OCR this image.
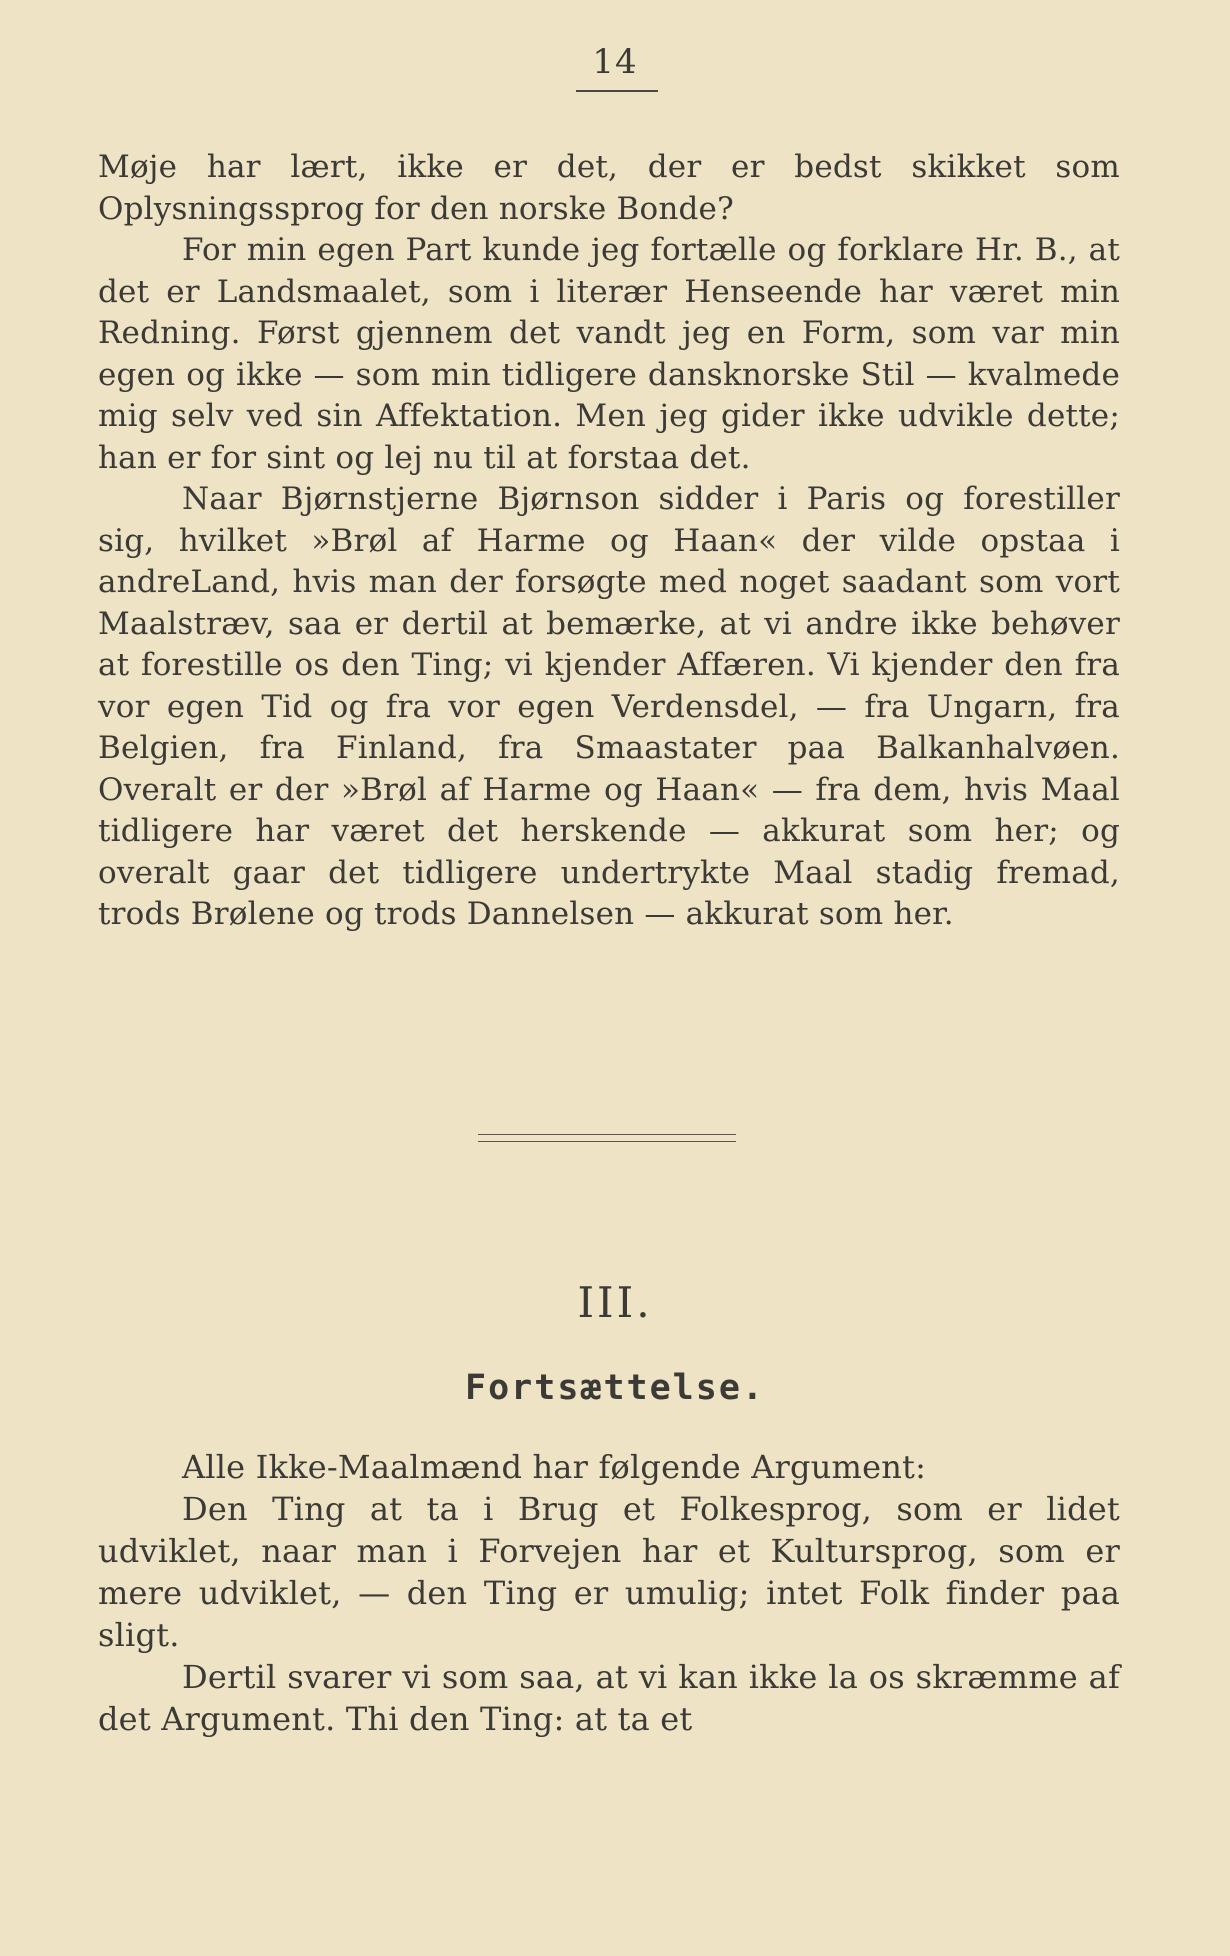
14

Møje har lært, ikke er det, der er bedst skikket som Oplysningssprog for den norske Bonde?

For min egen Part kunde jeg fortælle og forklare Hr. B., at det er Landsmaalet, som i literær Henseende har været min Redning. Først gjennem det vandt jeg en Form, som var min egen og ikke — som min tidligere dansknorske Stil — kvalmede mig selv ved sin Affektation. Men jeg gider ikke udvikle dette; han er for sint og lej nu til at forstaa det.

Naar Bjørnstjerne Bjørnson sidder i Paris og forestiller sig, hvilket »Brøl af Harme og Haan« der vilde opstaa i andreLand, hvis man der forsøgte med noget saadant som vort Maalstræv, saa er dertil at bemærke, at vi andre ikke behøver at forestille os den Ting; vi kjender Affæren. Vi kjender den fra vor egen Tid og fra vor egen Verdensdel, — fra Ungarn, fra Belgien, fra Finland, fra Smaastater paa Balkanhalvøen. Overalt er der »Brøl af Harme og Haan« — fra dem, hvis Maal tidligere har været det herskende — akkurat som her; og overalt gaar det tidligere undertrykte Maal stadig fremad, trods Brølene og trods Dannelsen — akkurat som her.

III.
Fortsættelse.

Alle Ikke-Maalmænd har følgende Argument:

Den Ting at ta i Brug et Folkesprog, som er lidet udviklet, naar man i Forvejen har et Kultursprog, som er mere udviklet, — den Ting er umulig; intet Folk finder paa sligt.

Dertil svarer vi som saa, at vi kan ikke la os skræmme af det Argument. Thi den Ting: at ta et
